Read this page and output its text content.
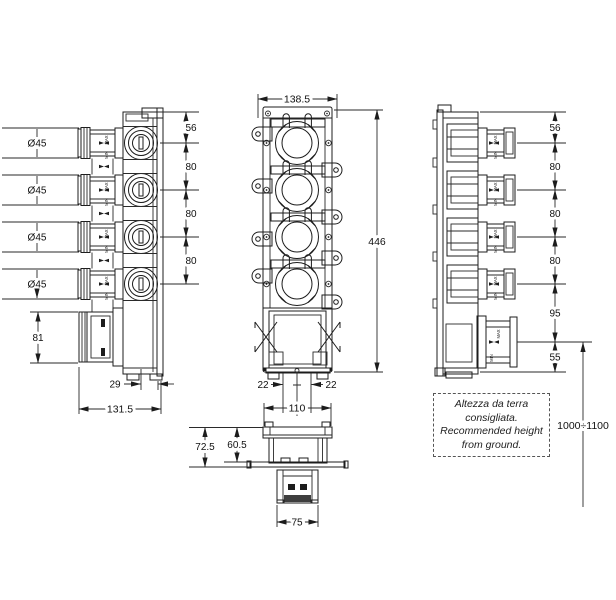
MIN	MIN
Ø45
Ø45
Ø45
Ø45
56
80
80
80
81
29
131.5
138.5
446
22	22
110
72.5 60.5
75
MAX
MIN
56
80
80
80
95
55
1000÷1100
Altezza da terra
consigliata.
Recommended height
from ground.
